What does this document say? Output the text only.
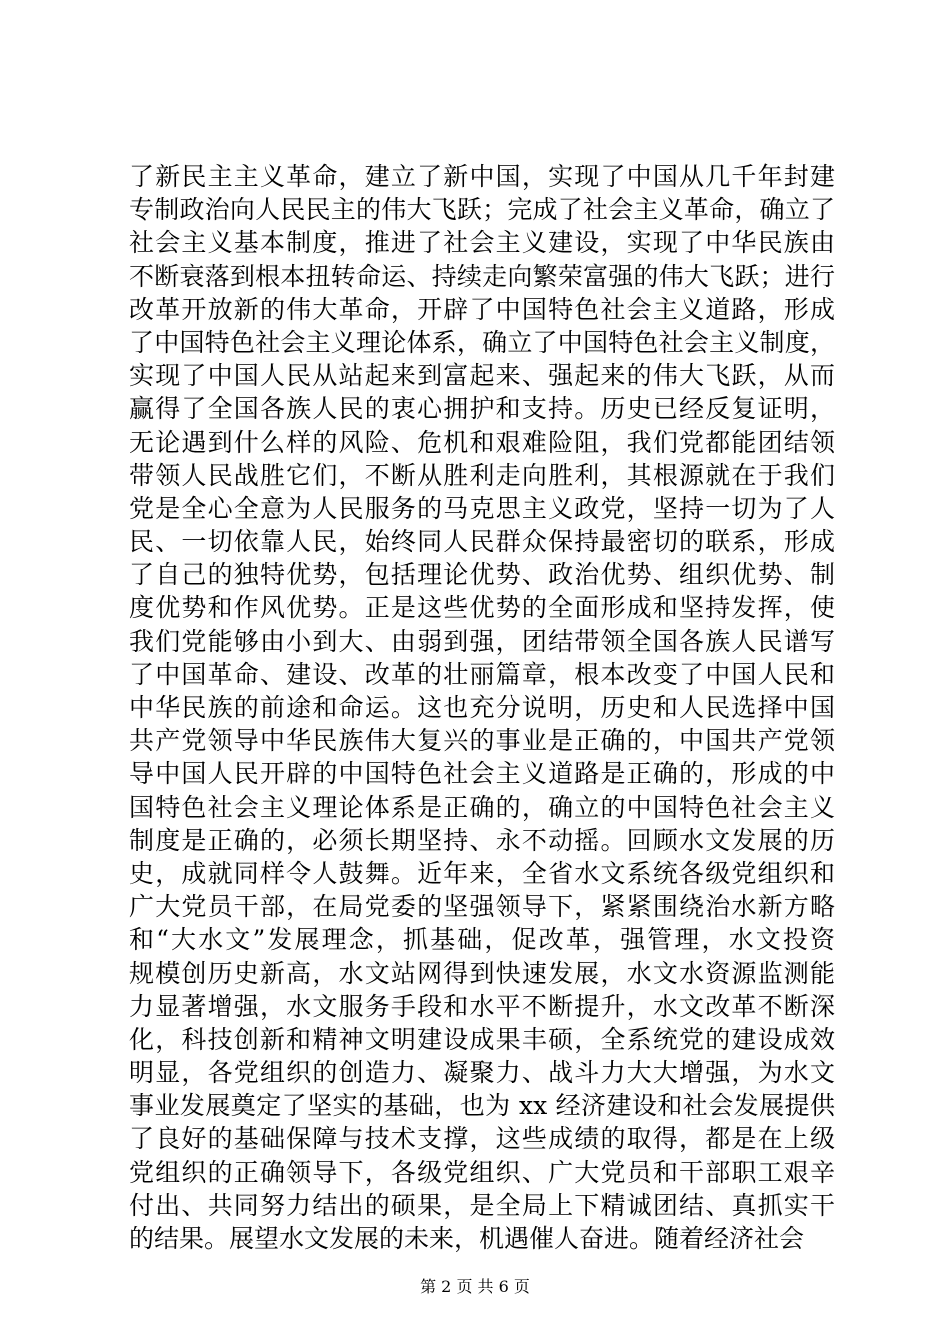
了新民主主义革命，建立了新中国，实现了中国从几千年封建
专制政治向人民民主的伟大飞跃；完成了社会主义革命，确立了
社会主义基本制度，推进了社会主义建设，实现了中华民族由
不断衰落到根本扭转命运、持续走向繁荣富强的伟大飞跃；进行
改革开放新的伟大革命，开辟了中国特色社会主义道路，形成
了中国特色社会主义理论体系，确立了中国特色社会主义制度，
实现了中国人民从站起来到富起来、强起来的伟大飞跃，从而
赢得了全国各族人民的衷心拥护和支持。历史已经反复证明，
无论遇到什么样的风险、危机和艰难险阻，我们党都能团结领
带领人民战胜它们，不断从胜利走向胜利，其根源就在于我们
党是全心全意为人民服务的马克思主义政党，坚持一切为了人
民、一切依靠人民，始终同人民群众保持最密切的联系，形成
了自己的独特优势，包括理论优势、政治优势、组织优势、制
度优势和作风优势。正是这些优势的全面形成和坚持发挥，使
我们党能够由小到大、由弱到强，团结带领全国各族人民谱写
了中国革命、建设、改革的壮丽篇章，根本改变了中国人民和
中华民族的前途和命运。这也充分说明，历史和人民选择中国
共产党领导中华民族伟大复兴的事业是正确的，中国共产党领
导中国人民开辟的中国特色社会主义道路是正确的，形成的中
国特色社会主义理论体系是正确的，确立的中国特色社会主义
制度是正确的，必须长期坚持、永不动摇。回顾水文发展的历
史，成就同样令人鼓舞。近年来，全省水文系统各级党组织和
广大党员干部，在局党委的坚强领导下，紧紧围绕治水新方略
和“大水文”发展理念，抓基础，促改革，强管理，水文投资
规模创历史新高，水文站网得到快速发展，水文水资源监测能
力显著增强，水文服务手段和水平不断提升，水文改革不断深
化，科技创新和精神文明建设成果丰硕，全系统党的建设成效
明显，各党组织的创造力、凝聚力、战斗力大大增强，为水文
事业发展奠定了坚实的基础，也为 xx 经济建设和社会发展提供
了良好的基础保障与技术支撑，这些成绩的取得，都是在上级
党组织的正确领导下，各级党组织、广大党员和干部职工艰辛
付出、共同努力结出的硕果，是全局上下精诚团结、真抓实干
的结果。展望水文发展的未来，机遇催人奋进。随着经济社会
第 2 页 共 6 页
